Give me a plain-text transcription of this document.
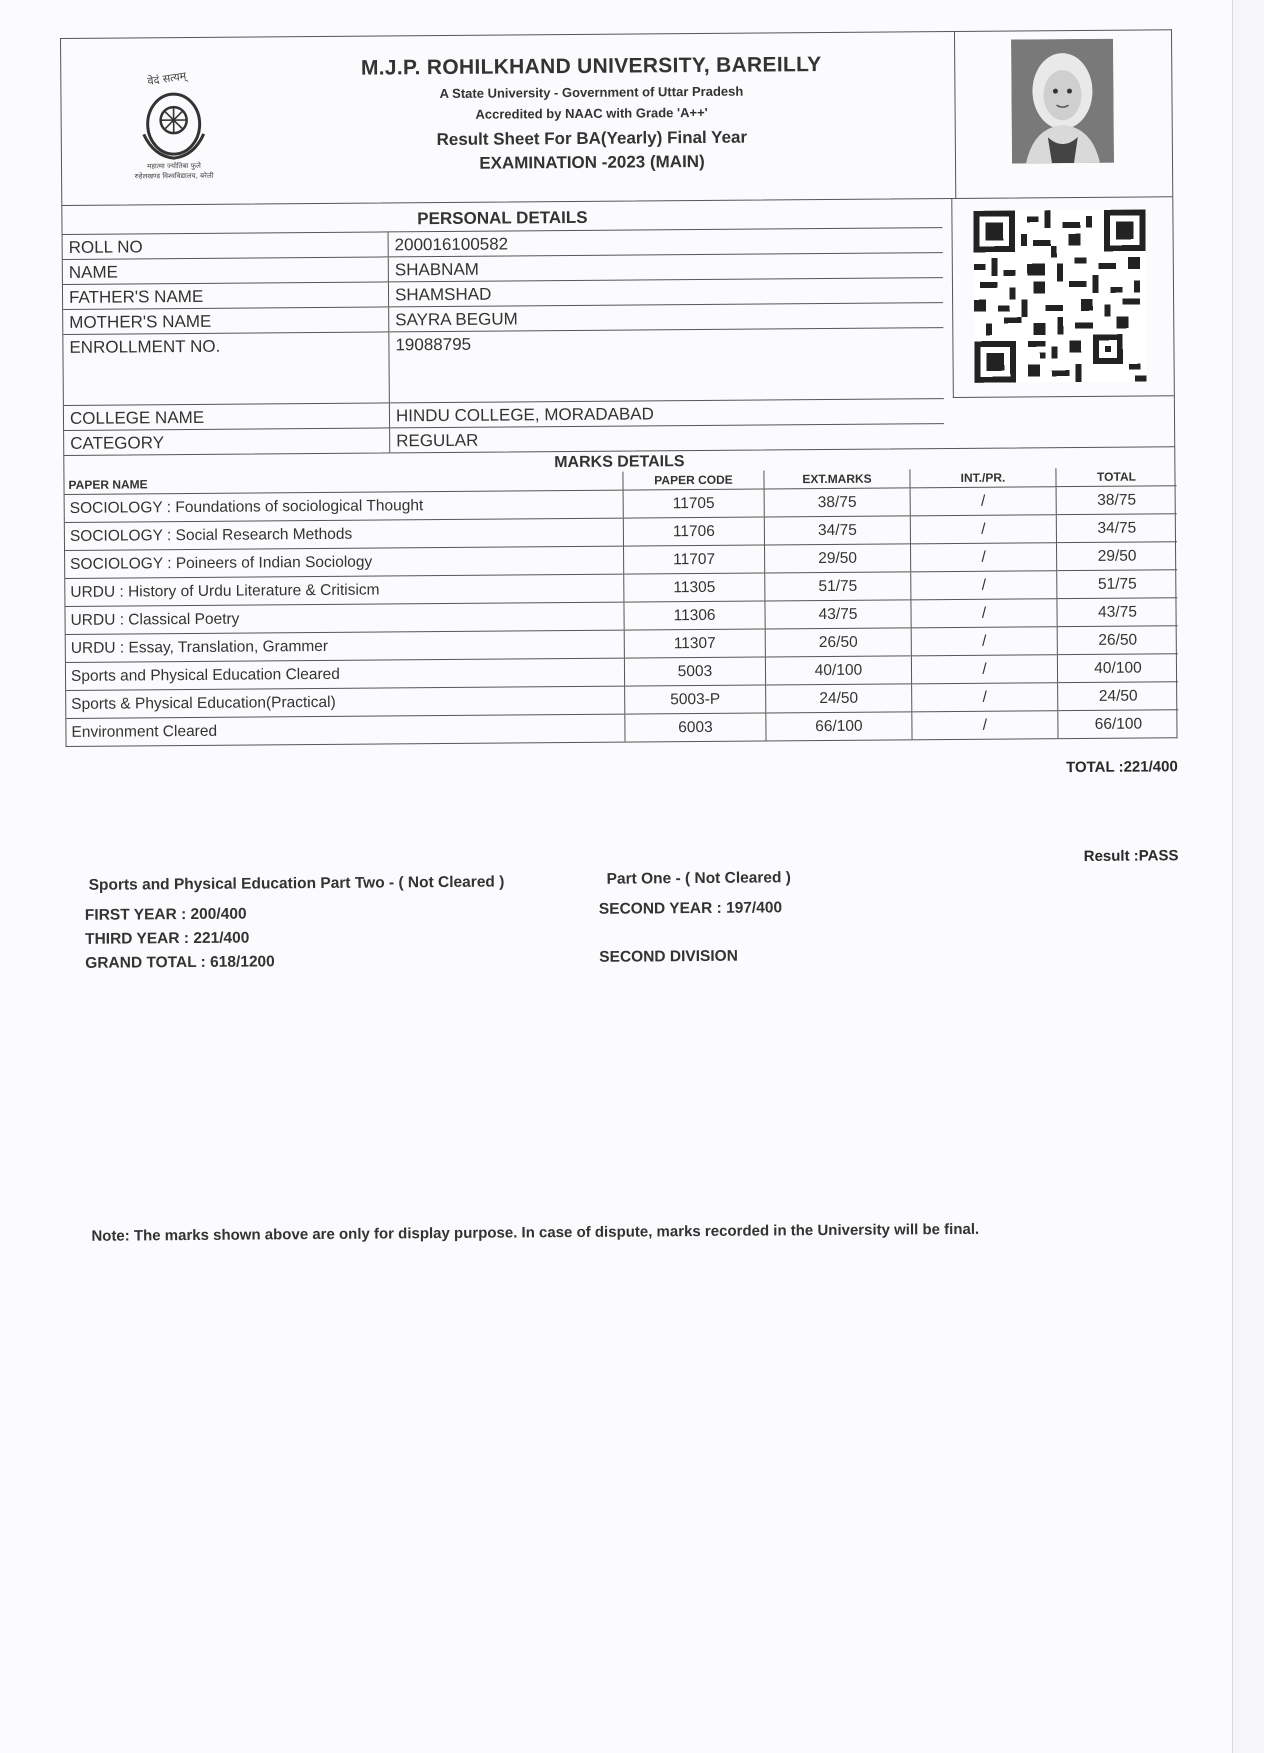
वेदं सत्यम्
महात्मा ज्योतिबा फुले
रुहेलखण्ड विश्वविद्यालय, बरेली
M.J.P. ROHILKHAND UNIVERSITY, BAREILLY
A State University - Government of Uttar Pradesh
Accredited by NAAC with Grade 'A++'
Result Sheet For BA(Yearly) Final Year
EXAMINATION -2023 (MAIN)
PERSONAL DETAILS
ROLL NO	200016100582
NAME	SHABNAM
FATHER'S NAME	SHAMSHAD
MOTHER'S NAME	SAYRA BEGUM
ENROLLMENT NO.	19088795
COLLEGE NAME	HINDU COLLEGE, MORADABAD
CATEGORY	REGULAR
MARKS DETAILS
PAPER NAME	PAPER CODE	EXT.MARKS	INT./PR.	TOTAL
SOCIOLOGY : Foundations of sociological Thought	11705	38/75	/	38/75
SOCIOLOGY : Social Research Methods	11706	34/75	/	34/75
SOCIOLOGY : Poineers of Indian Sociology	11707	29/50	/	29/50
URDU : History of Urdu Literature & Critisicm	11305	51/75	/	51/75
URDU : Classical Poetry	11306	43/75	/	43/75
URDU : Essay, Translation, Grammer	11307	26/50	/	26/50
Sports and Physical Education Cleared	5003	40/100	/	40/100
Sports & Physical Education(Practical)	5003-P	24/50	/	24/50
Environment Cleared	6003	66/100	/	66/100
TOTAL :221/400
Result :PASS
Sports and Physical Education Part Two - ( Not Cleared )	Part One - ( Not Cleared )
FIRST YEAR : 200/400	SECOND YEAR : 197/400
THIRD YEAR : 221/400
GRAND TOTAL : 618/1200	SECOND DIVISION
Note: The marks shown above are only for display purpose. In case of dispute, marks recorded in the University will be final.
